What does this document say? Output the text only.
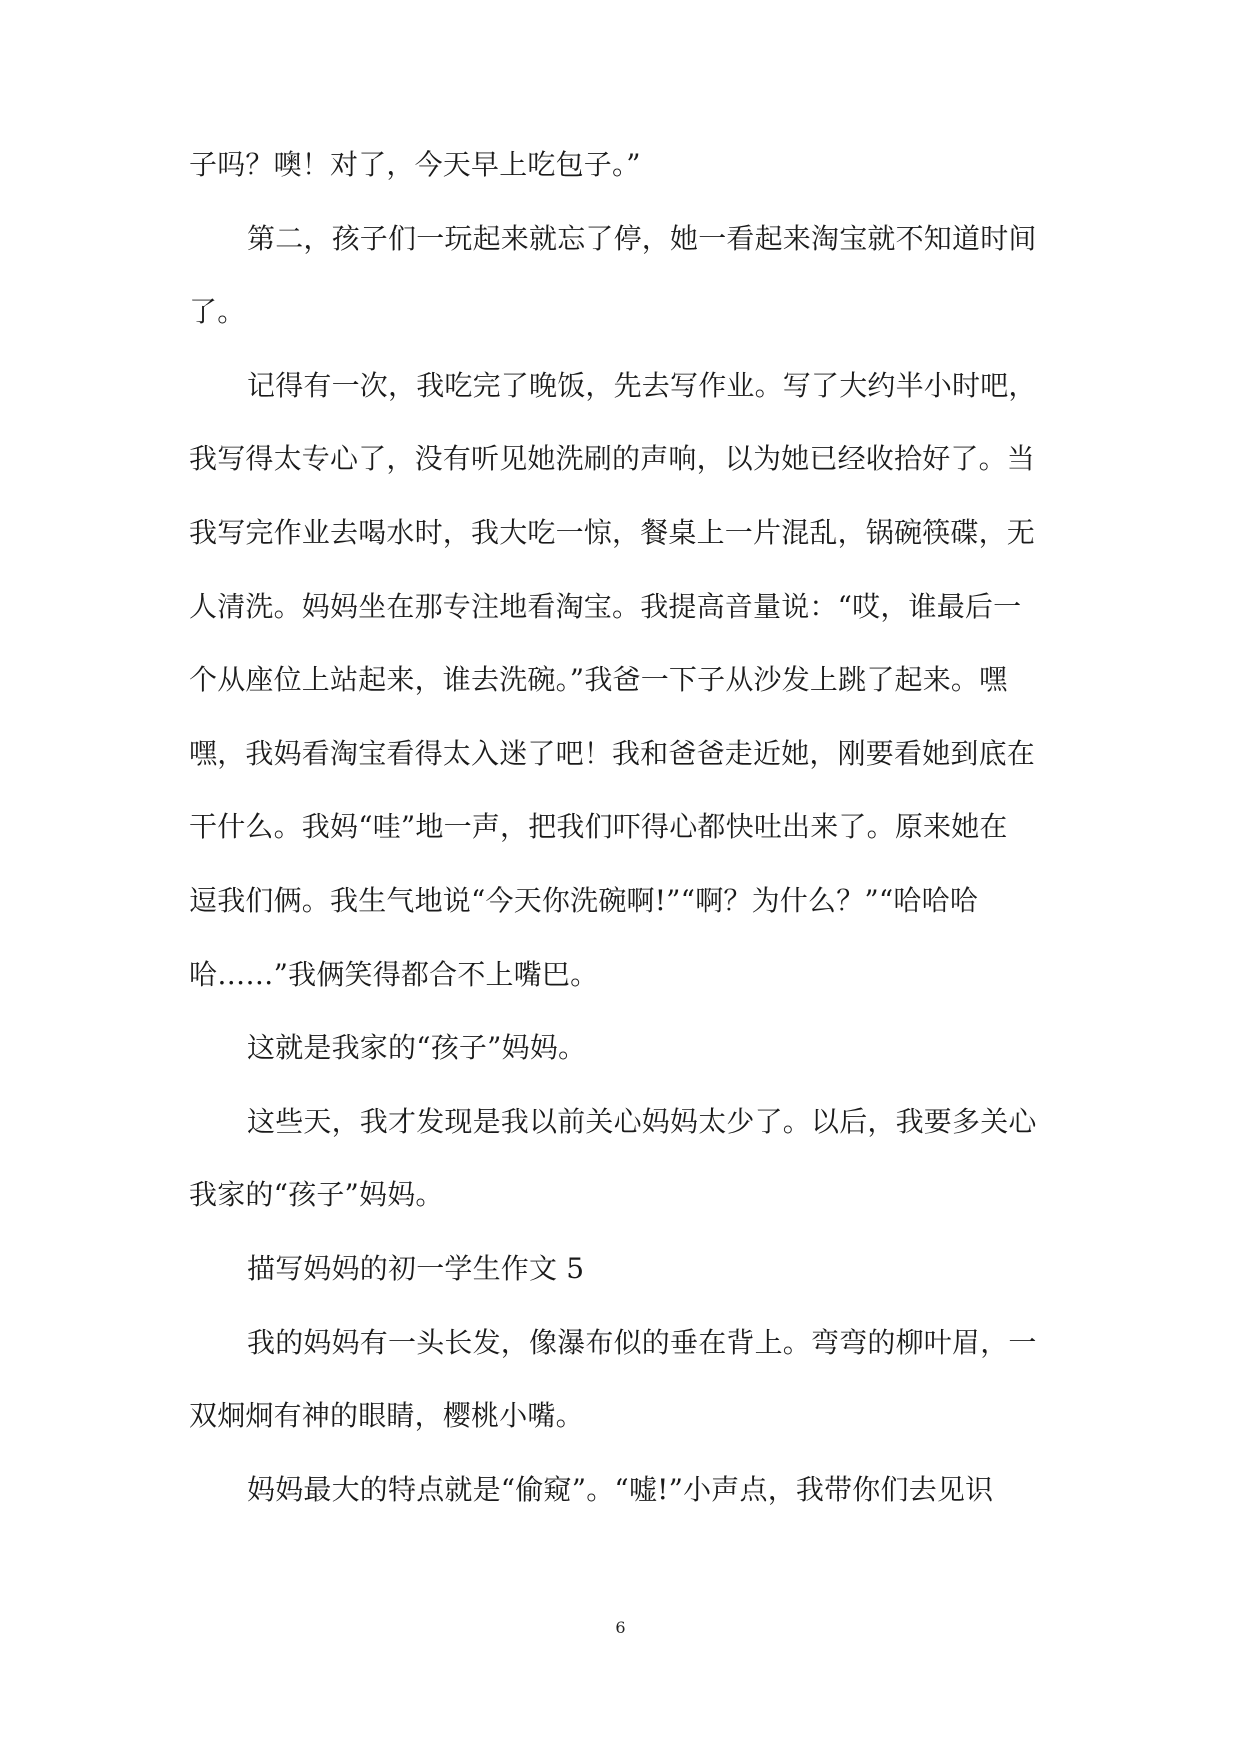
子吗？噢！对了，今天早上吃包子。”
第二，孩子们一玩起来就忘了停，她一看起来淘宝就不知道时间
了。
记得有一次，我吃完了晚饭，先去写作业。写了大约半小时吧，
我写得太专心了，没有听见她洗刷的声响，以为她已经收拾好了。当
我写完作业去喝水时，我大吃一惊，餐桌上一片混乱，锅碗筷碟，无
人清洗。妈妈坐在那专注地看淘宝。我提高音量说：“哎，谁最后一
个从座位上站起来，谁去洗碗。”我爸一下子从沙发上跳了起来。嘿
嘿，我妈看淘宝看得太入迷了吧！我和爸爸走近她，刚要看她到底在
干什么。我妈“哇”地一声，把我们吓得心都快吐出来了。原来她在
逗我们俩。我生气地说“今天你洗碗啊!”“啊？为什么？”“哈哈哈
哈……”我俩笑得都合不上嘴巴。
这就是我家的“孩子”妈妈。
这些天，我才发现是我以前关心妈妈太少了。以后，我要多关心
我家的“孩子”妈妈。
描写妈妈的初一学生作文 5
我的妈妈有一头长发，像瀑布似的垂在背上。弯弯的柳叶眉，一
双炯炯有神的眼睛，樱桃小嘴。
妈妈最大的特点就是“偷窥”。“嘘!”小声点，我带你们去见识
6
